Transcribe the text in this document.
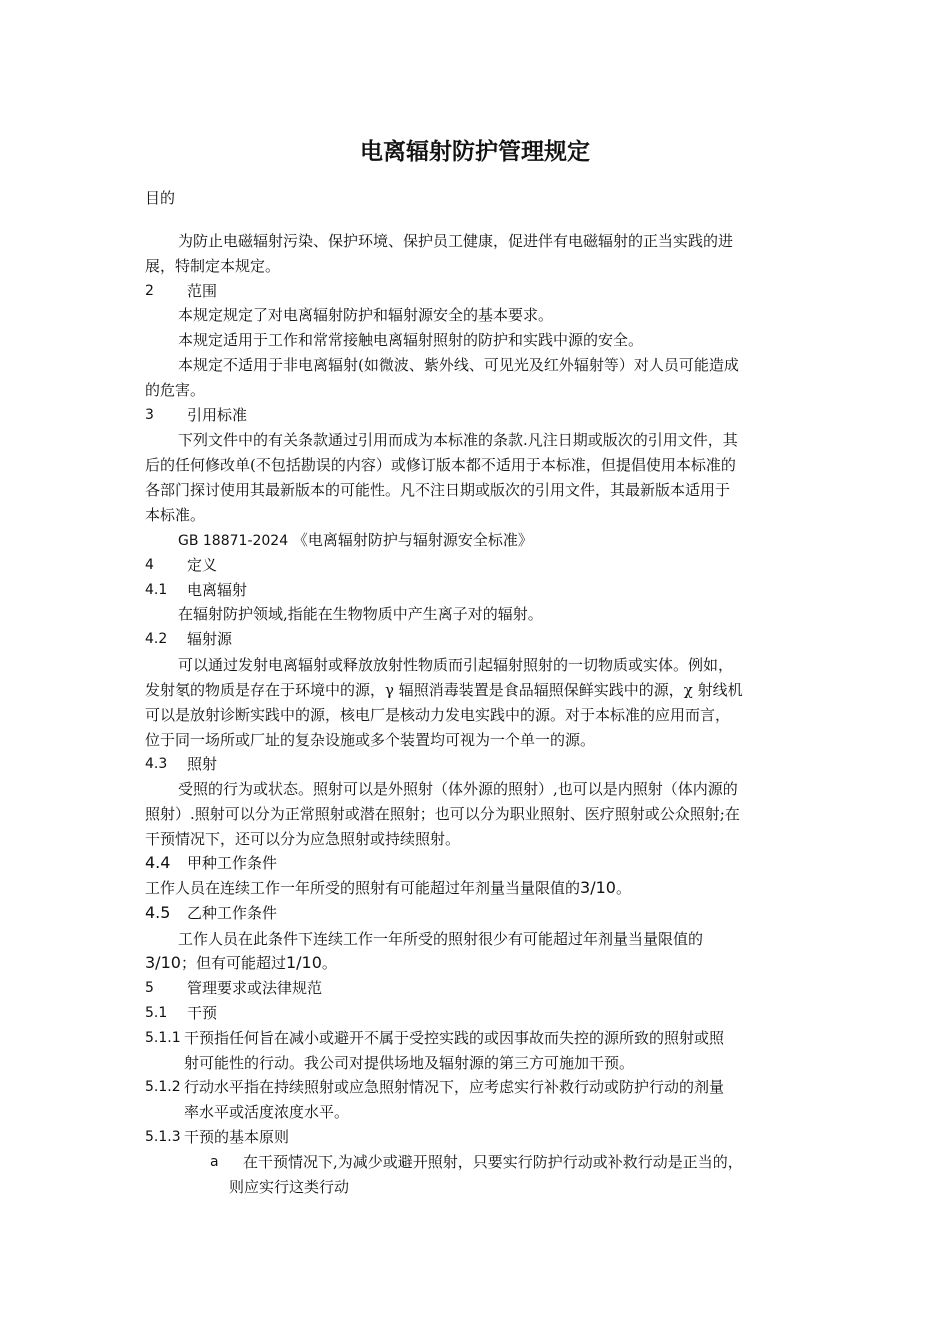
电离辐射防护管理规定
目的
为防止电磁辐射污染、保护环境、保护员工健康，促进伴有电磁辐射的正当实践的进
展，特制定本规定。
2 范围
本规定规定了对电离辐射防护和辐射源安全的基本要求。
本规定适用于工作和常常接触电离辐射照射的防护和实践中源的安全。
本规定不适用于非电离辐射(如微波、紫外线、可见光及红外辐射等）对人员可能造成
的危害。
3 引用标准
下列文件中的有关条款通过引用而成为本标准的条款.凡注日期或版次的引用文件，其
后的任何修改单(不包括勘误的内容）或修订版本都不适用于本标准，但提倡使用本标准的
各部门探讨使用其最新版本的可能性。凡不注日期或版次的引用文件，其最新版本适用于
本标准。
GB 18871-2024 《电离辐射防护与辐射源安全标准》
4 定义
4.1 电离辐射
在辐射防护领域,指能在生物物质中产生离子对的辐射。
4.2 辐射源
可以通过发射电离辐射或释放放射性物质而引起辐射照射的一切物质或实体。例如，
发射氡的物质是存在于环境中的源，γ 辐照消毒装置是食品辐照保鲜实践中的源，χ 射线机
可以是放射诊断实践中的源，核电厂是核动力发电实践中的源。对于本标准的应用而言，
位于同一场所或厂址的复杂设施或多个装置均可视为一个单一的源。
4.3 照射
受照的行为或状态。照射可以是外照射（体外源的照射）,也可以是内照射（体内源的
照射）.照射可以分为正常照射或潜在照射；也可以分为职业照射、医疗照射或公众照射;在
干预情况下，还可以分为应急照射或持续照射。
4.4 甲种工作条件
工作人员在连续工作一年所受的照射有可能超过年剂量当量限值的3/10。
4.5 乙种工作条件
工作人员在此条件下连续工作一年所受的照射很少有可能超过年剂量当量限值的
3/10；但有可能超过1/10。
5 管理要求或法律规范
5.1 干预
5.1.1 干预指任何旨在减小或避开不属于受控实践的或因事故而失控的源所致的照射或照
射可能性的行动。我公司对提供场地及辐射源的第三方可施加干预。
5.1.2 行动水平指在持续照射或应急照射情况下，应考虑实行补救行动或防护行动的剂量
率水平或活度浓度水平。
5.1.3 干预的基本原则
a 在干预情况下,为减少或避开照射，只要实行防护行动或补救行动是正当的，
则应实行这类行动
